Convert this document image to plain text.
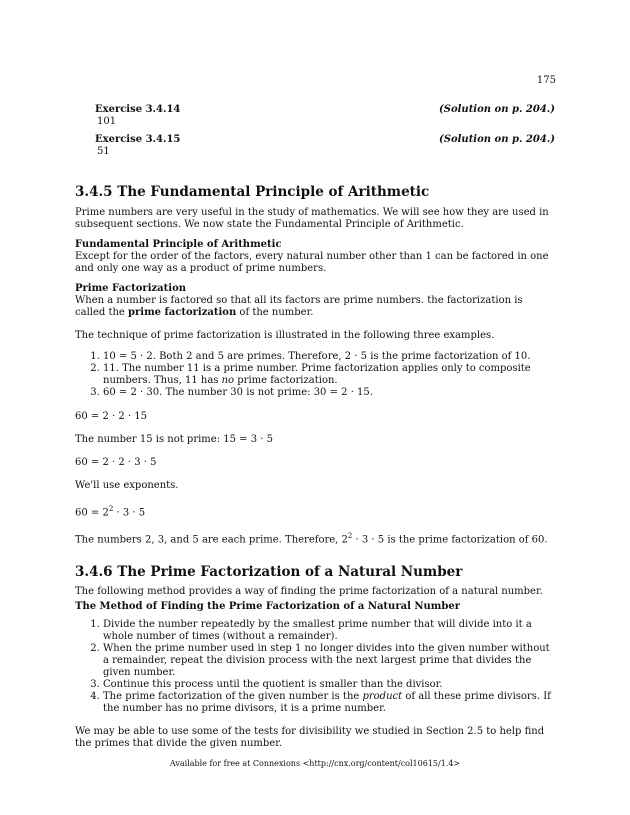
175
Exercise 3.4.14	(Solution on p. 204.)
101
Exercise 3.4.15	(Solution on p. 204.)
51
3.4.5 The Fundamental Principle of Arithmetic

Prime numbers are very useful in the study of mathematics. We will see how they are used in subsequent sections. We now state the Fundamental Principle of Arithmetic.

Fundamental Principle of Arithmetic

Except for the order of the factors, every natural number other than 1 can be factored in one and only one way as a product of prime numbers.

Prime Factorization

When a number is factored so that all its factors are prime numbers. the factorization is called the prime factorization of the number.

The technique of prime factorization is illustrated in the following three examples.

1. 10 = 5 · 2. Both 2 and 5 are primes. Therefore, 2 · 5 is the prime factorization of 10.
2. 11. The number 11 is a prime number. Prime factorization applies only to composite numbers. Thus, 11 has no prime factorization.
3. 60 = 2 · 30. The number 30 is not prime: 30 = 2 · 15.

60 = 2 · 2 · 15

The number 15 is not prime: 15 = 3 · 5

60 = 2 · 2 · 3 · 5

We'll use exponents.

$60 = 2^2 \cdot 3 \cdot 5$

The numbers 2, 3, and 5 are each prime. Therefore, $2^2 \cdot 3 \cdot 5$ is the prime factorization of 60.

3.4.6 The Prime Factorization of a Natural Number

The following method provides a way of finding the prime factorization of a natural number.

The Method of Finding the Prime Factorization of a Natural Number

1. Divide the number repeatedly by the smallest prime number that will divide into it a whole number of times (without a remainder).
2. When the prime number used in step 1 no longer divides into the given number without a remainder, repeat the division process with the next largest prime that divides the given number.
3. Continue this process until the quotient is smaller than the divisor.
4. The prime factorization of the given number is the product of all these prime divisors. If the number has no prime divisors, it is a prime number.

We may be able to use some of the tests for divisibility we studied in Section 2.5 to help find the primes that divide the given number.

Available for free at Connexions <http://cnx.org/content/col10615/1.4>
